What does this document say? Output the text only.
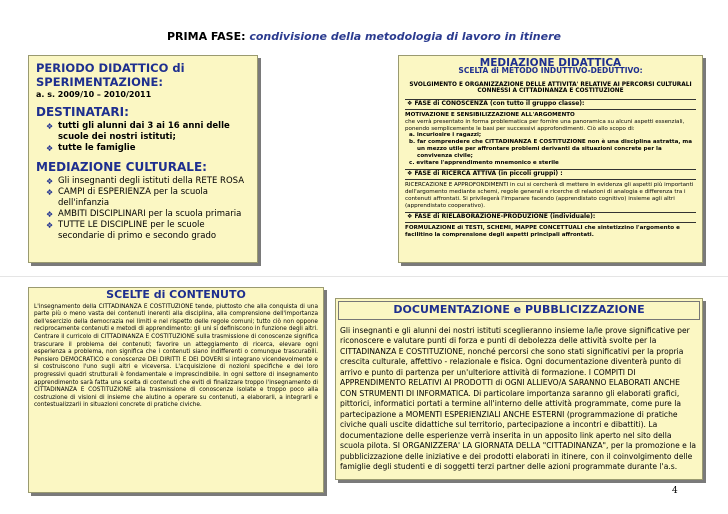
PRIMA FASE: condivisione della metodologia di lavoro in itinere
PERIODO DIDATTICO di SPERIMENTAZIONE:
a. s. 2009/10 – 2010/2011
DESTINATARI:
❖ tutti gli alunni dai 3 ai 16 anni delle scuole dei nostri istituti;
❖ tutte le famiglie
MEDIAZIONE CULTURALE:
❖ Gli insegnanti degli istituti della RETE ROSA
❖ CAMPI di ESPERIENZA per la scuola dell'infanzia
❖ AMBITI DISCIPLINARI per la scuola primaria
❖ TUTTE LE DISCIPLINE per le scuole secondarie di primo e secondo grado
MEDIAZIONE DIDATTICA
SCELTA di METODO INDUTTIVO-DEDUTTIVO:
SVOLGIMENTO E ORGANIZZAZIONE DELLE ATTIVITA' RELATIVE AI PERCORSI CULTURALI CONNESSI A CITTADINANZA E COSTITUZIONE
❖ FASE di CONOSCENZA (con tutto il gruppo classe):
MOTIVAZIONE E SENSIBILIZZAZIONE ALL'ARGOMENTO
che verrà presentato in forma problematica per fornire una panoramica su alcuni aspetti essenziali, ponendo semplicemente le basi per successivi approfondimenti. Ciò allo scopo di:
a. incuriosire i ragazzi;
b. far comprendere che CITTADINANZA E COSTITUZIONE non è una disciplina astratta, ma un mezzo utile per affrontare problemi derivanti da situazioni concrete per la convivenza civile;
c. evitare l'apprendimento mnemonico e sterile
❖ FASE di RICERCA ATTIVA (in piccoli gruppi) :
RICERCAZIONE E APPROFONDIMENTI in cui si cercherà di mettere in evidenza gli aspetti più importanti dell'argomento mediante schemi, regole generali e ricerche di relazioni di analogia e differenza tra i contenuti affrontati. Si privilegerà l'imparare facendo (apprendistato cognitivo) insieme agli altri (apprendistato cooperativo).
❖ FASE di RIELABORAZIONE-PRODUZIONE (individuale):
FORMULAZIONE di TESTI, SCHEMI, MAPPE CONCETTUALI che sintetizzino l'argomento e facilitino la comprensione degli aspetti principali affrontati.
SCELTE di CONTENUTO
L'insegnamento della CITTADINANZA E COSTITUZIONE tende, piuttosto che alla conquista di una parte più o meno vasta dei contenuti inerenti alla disciplina, alla comprensione dell'importanza dell'esercizio della democrazia nei limiti e nel rispetto delle regole comuni; tutto ciò non oppone reciprocamente contenuti e metodi di apprendimento: gli uni si definiscono in funzione degli altri. Centrare il curricolo di CITTADINANZA E COSTITUZIONE sulla trasmissione di conoscenze significa trascurare il problema dei contenuti; favorire un atteggiamento di ricerca, elevare ogni esperienza a problema, non significa che i contenuti siano indifferenti o comunque trascurabili. Pensiero DEMOCRATICO e conoscenze DEI DIRITTI E DEI DOVERI si integrano vicendevolmente e si costruiscono l'uno sugli altri e viceversa. L'acquisizione di nozioni specifiche e dei loro progressivi quadri strutturali è fondamentale e imprescindibile. In ogni settore di insegnamento apprendimento sarà fatta una scelta di contenuti che eviti di finalizzare troppo l'insegnamento di CITTADINANZA E COSTITUZIONE alla trasmissione di conoscenze isolate e troppo poco alla costruzione di visioni di insieme che aiutino a operare su contenuti, a elaborarli, a integrarli e contestualizzarli in situazioni concrete di pratiche civiche.
DOCUMENTAZIONE e PUBBLICIZZAZIONE
Gli insegnanti e gli alunni dei nostri istituti sceglieranno insieme la/le prove significative per riconoscere e valutare punti di forza e punti di debolezza delle attività svolte per la CITTADINANZA E COSTITUZIONE, nonché percorsi che sono stati significativi per la propria crescita culturale, affettivo - relazionale e fisica. Ogni documentazione diventerà punto di arrivo e punto di partenza per un'ulteriore attività di formazione. I COMPITI DI APPRENDIMENTO RELATIVI AI PRODOTTI di OGNI ALLIEVO/A SARANNO ELABORATI ANCHE CON STRUMENTI DI INFORMATICA. Di particolare importanza saranno gli elaborati grafici, pittorici, informatici portati a termine all'interno delle attività programmate, come pure la partecipazione a MOMENTI ESPERIENZIALI ANCHE ESTERNI (programmazione di pratiche civiche quali uscite didattiche sul territorio, partecipazione a incontri e dibattiti). La documentazione delle esperienze verrà inserita in un apposito link aperto nel sito della scuola pilota. SI ORGANIZZERA' LA GIORNATA DELLA "CITTADINANZA", per la promozione e la pubblicizzazione delle iniziative e dei prodotti elaborati in itinere, con il coinvolgimento delle famiglie degli studenti e di soggetti terzi partner delle azioni programmate durante l'a.s.
4
